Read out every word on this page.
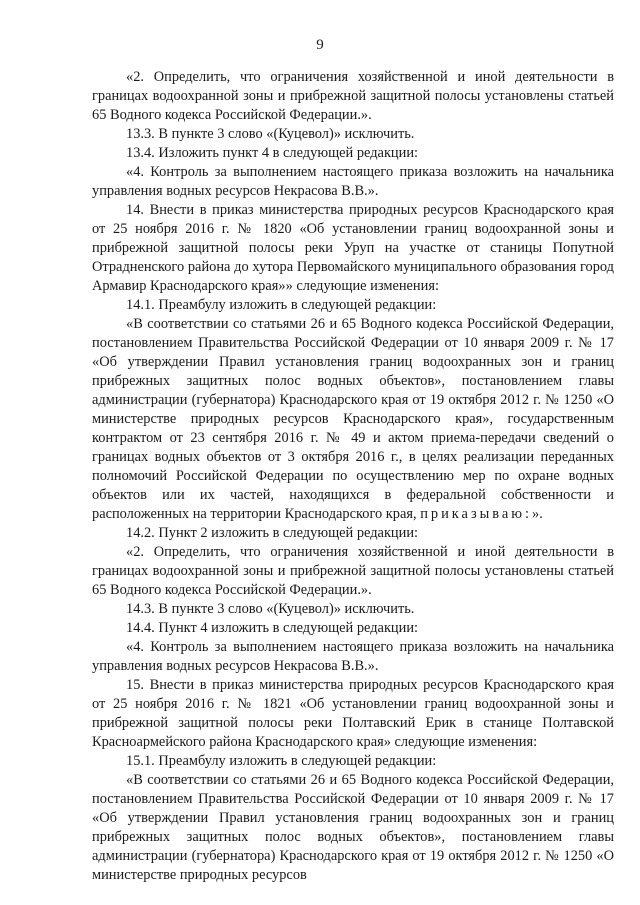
9

«2. Определить, что ограничения хозяйственной и иной деятельности в границах водоохранной зоны и прибрежной защитной полосы установлены статьей 65 Водного кодекса Российской Федерации.».

13.3. В пункте 3 слово «(Куцевол)» исключить.

13.4. Изложить пункт 4 в следующей редакции:

«4. Контроль за выполнением настоящего приказа возложить на начальника управления водных ресурсов Некрасова В.В.».

14. Внести в приказ министерства природных ресурсов Краснодарского края от 25 ноября 2016 г. № 1820 «Об установлении границ водоохранной зоны и прибрежной защитной полосы реки Уруп на участке от станицы Попутной Отрадненского района до хутора Первомайского муниципального образования город Армавир Краснодарского края»» следующие изменения:

14.1. Преамбулу изложить в следующей редакции:

«В соответствии со статьями 26 и 65 Водного кодекса Российской Федерации, постановлением Правительства Российской Федерации от 10 января 2009 г. № 17 «Об утверждении Правил установления границ водоохранных зон и границ прибрежных защитных полос водных объектов», постановлением главы администрации (губернатора) Краснодарского края от 19 октября 2012 г. № 1250 «О министерстве природных ресурсов Краснодарского края», государственным контрактом от 23 сентября 2016 г. № 49 и актом приема-передачи сведений о границах водных объектов от 3 октября 2016 г., в целях реализации переданных полномочий Российской Федерации по осуществлению мер по охране водных объектов или их частей, находящихся в федеральной собственности и расположенных на территории Краснодарского края, приказываю:».

14.2. Пункт 2 изложить в следующей редакции:

«2. Определить, что ограничения хозяйственной и иной деятельности в границах водоохранной зоны и прибрежной защитной полосы установлены статьей 65 Водного кодекса Российской Федерации.».

14.3. В пункте 3 слово «(Куцевол)» исключить.

14.4. Пункт 4 изложить в следующей редакции:

«4. Контроль за выполнением настоящего приказа возложить на начальника управления водных ресурсов Некрасова В.В.».

15. Внести в приказ министерства природных ресурсов Краснодарского края от 25 ноября 2016 г. № 1821 «Об установлении границ водоохранной зоны и прибрежной защитной полосы реки Полтавский Ерик в станице Полтавской Красноармейского района Краснодарского края» следующие изменения:

15.1. Преамбулу изложить в следующей редакции:

«В соответствии со статьями 26 и 65 Водного кодекса Российской Федерации, постановлением Правительства Российской Федерации от 10 января 2009 г. № 17 «Об утверждении Правил установления границ водоохранных зон и границ прибрежных защитных полос водных объектов», постановлением главы администрации (губернатора) Краснодарского края от 19 октября 2012 г. № 1250 «О министерстве природных ресурсов
